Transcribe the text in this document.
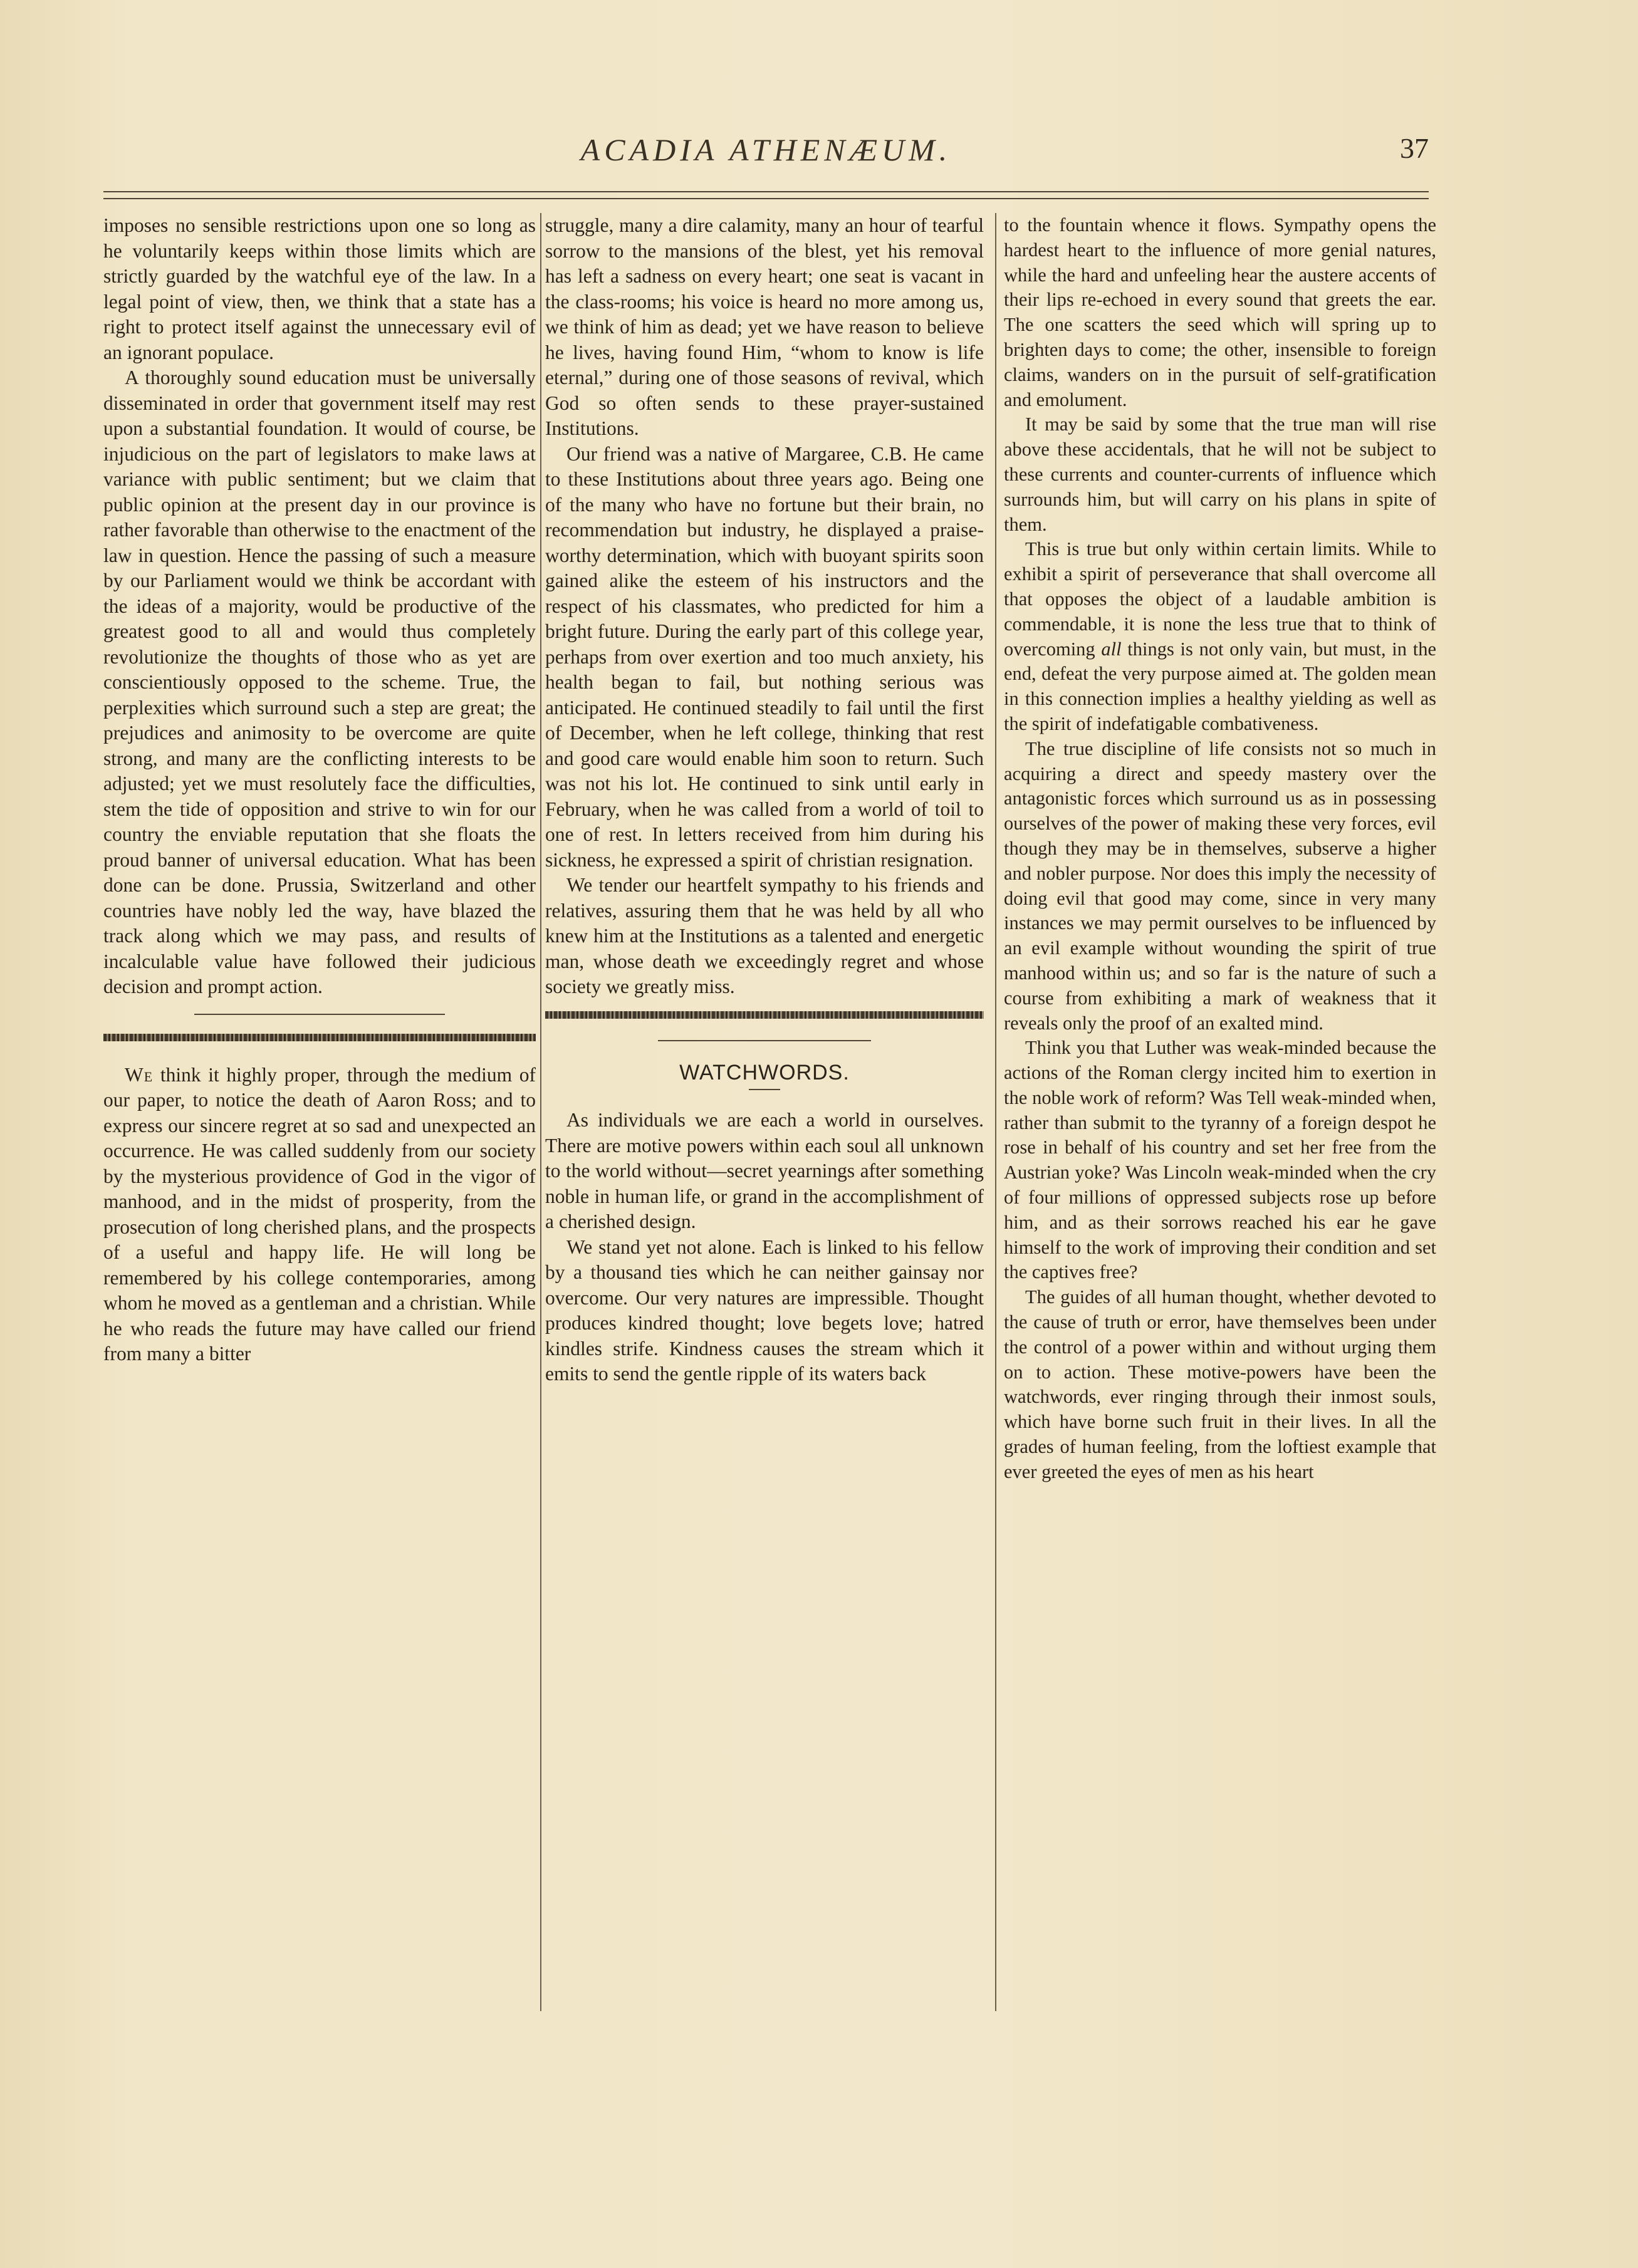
ACADIA ATHENÆUM.	37

imposes no sensible restrictions upon one so long as he voluntarily keeps within those limits which are strictly guarded by the watchful eye of the law. In a legal point of view, then, we think that a state has a right to protect itself against the unnecessary evil of an ignorant populace.

A thoroughly sound education must be universally disseminated in order that government itself may rest upon a substantial foundation. It would of course, be injudicious on the part of legislators to make laws at variance with public sentiment; but we claim that public opinion at the present day in our province is rather favorable than otherwise to the enactment of the law in question. Hence the passing of such a measure by our Parliament would we think be accordant with the ideas of a majority, would be productive of the greatest good to all and would thus completely revolutionize the thoughts of those who as yet are conscientiously opposed to the scheme. True, the perplexities which surround such a step are great; the prejudices and animosity to be overcome are quite strong, and many are the conflicting interests to be adjusted; yet we must resolutely face the difficulties, stem the tide of opposition and strive to win for our country the enviable reputation that she floats the proud banner of universal education. What has been done can be done. Prussia, Switzerland and other countries have nobly led the way, have blazed the track along which we may pass, and results of incalculable value have followed their judicious decision and prompt action.

We think it highly proper, through the medium of our paper, to notice the death of Aaron Ross; and to express our sincere regret at so sad and unexpected an occurrence. He was called suddenly from our society by the mysterious providence of God in the vigor of manhood, and in the midst of prosperity, from the prosecution of long cherished plans, and the prospects of a useful and happy life. He will long be remembered by his college contemporaries, among whom he moved as a gentleman and a christian. While he who reads the future may have called our friend from many a bitter

struggle, many a dire calamity, many an hour of tearful sorrow to the mansions of the blest, yet his removal has left a sadness on every heart; one seat is vacant in the class-rooms; his voice is heard no more among us, we think of him as dead; yet we have reason to believe he lives, having found Him, “whom to know is life eternal,” during one of those seasons of revival, which God so often sends to these prayer-sustained Institutions.

Our friend was a native of Margaree, C.B. He came to these Institutions about three years ago. Being one of the many who have no fortune but their brain, no recommendation but industry, he displayed a praise-worthy determination, which with buoyant spirits soon gained alike the esteem of his instructors and the respect of his classmates, who predicted for him a bright future. During the early part of this college year, perhaps from over exertion and too much anxiety, his health began to fail, but nothing serious was anticipated. He continued steadily to fail until the first of December, when he left college, thinking that rest and good care would enable him soon to return. Such was not his lot. He continued to sink until early in February, when he was called from a world of toil to one of rest. In letters received from him during his sickness, he expressed a spirit of christian resignation.

We tender our heartfelt sympathy to his friends and relatives, assuring them that he was held by all who knew him at the Institutions as a talented and energetic man, whose death we exceedingly regret and whose society we greatly miss.

WATCHWORDS.

As individuals we are each a world in ourselves. There are motive powers within each soul all unknown to the world without—secret yearnings after something noble in human life, or grand in the accomplishment of a cherished design.

We stand yet not alone. Each is linked to his fellow by a thousand ties which he can neither gainsay nor overcome. Our very natures are impressible. Thought produces kindred thought; love begets love; hatred kindles strife. Kindness causes the stream which it emits to send the gentle ripple of its waters back

to the fountain whence it flows. Sympathy opens the hardest heart to the influence of more genial natures, while the hard and unfeeling hear the austere accents of their lips re-echoed in every sound that greets the ear. The one scatters the seed which will spring up to brighten days to come; the other, insensible to foreign claims, wanders on in the pursuit of self-gratification and emolument.

It may be said by some that the true man will rise above these accidentals, that he will not be subject to these currents and counter-currents of influence which surrounds him, but will carry on his plans in spite of them.

This is true but only within certain limits. While to exhibit a spirit of perseverance that shall overcome all that opposes the object of a laudable ambition is commendable, it is none the less true that to think of overcoming all things is not only vain, but must, in the end, defeat the very purpose aimed at. The golden mean in this connection implies a healthy yielding as well as the spirit of indefatigable combativeness.

The true discipline of life consists not so much in acquiring a direct and speedy mastery over the antagonistic forces which surround us as in possessing ourselves of the power of making these very forces, evil though they may be in themselves, subserve a higher and nobler purpose. Nor does this imply the necessity of doing evil that good may come, since in very many instances we may permit ourselves to be influenced by an evil example without wounding the spirit of true manhood within us; and so far is the nature of such a course from exhibiting a mark of weakness that it reveals only the proof of an exalted mind.

Think you that Luther was weak-minded because the actions of the Roman clergy incited him to exertion in the noble work of reform? Was Tell weak-minded when, rather than submit to the tyranny of a foreign despot he rose in behalf of his country and set her free from the Austrian yoke? Was Lincoln weak-minded when the cry of four millions of oppressed subjects rose up before him, and as their sorrows reached his ear he gave himself to the work of improving their condition and set the captives free?

The guides of all human thought, whether devoted to the cause of truth or error, have themselves been under the control of a power within and without urging them on to action. These motive-powers have been the watchwords, ever ringing through their inmost souls, which have borne such fruit in their lives. In all the grades of human feeling, from the loftiest example that ever greeted the eyes of men as his heart
